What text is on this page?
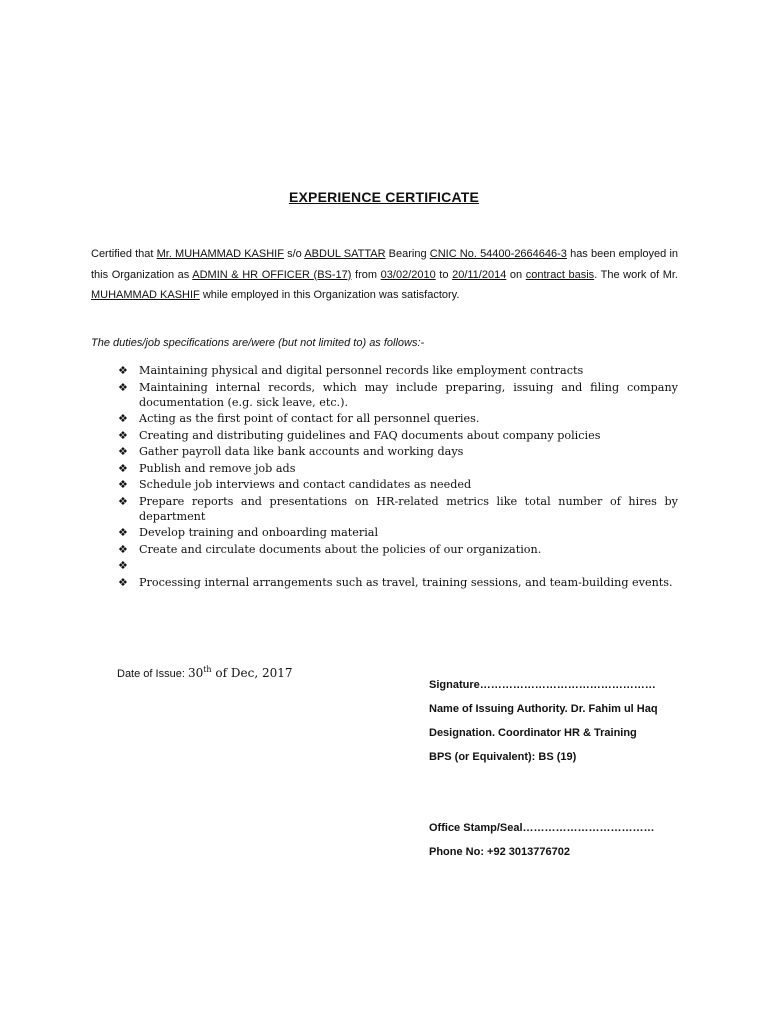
EXPERIENCE CERTIFICATE
Certified that Mr. MUHAMMAD KASHIF s/o ABDUL SATTAR Bearing CNIC No. 54400-2664646-3 has been employed in this Organization as ADMIN & HR OFFICER (BS-17) from 03/02/2010 to 20/11/2014 on contract basis. The work of Mr. MUHAMMAD KASHIF while employed in this Organization was satisfactory.
The duties/job specifications are/were (but not limited to) as follows:-
❖ Maintaining physical and digital personnel records like employment contracts
❖ Maintaining internal records, which may include preparing, issuing and filing company documentation (e.g. sick leave, etc.).
❖ Acting as the first point of contact for all personnel queries.
❖ Creating and distributing guidelines and FAQ documents about company policies
❖ Gather payroll data like bank accounts and working days
❖ Publish and remove job ads
❖ Schedule job interviews and contact candidates as needed
❖ Prepare reports and presentations on HR-related metrics like total number of hires by department
❖ Develop training and onboarding material
❖ Create and circulate documents about the policies of our organization.
❖
❖ Processing internal arrangements such as travel, training sessions, and team-building events.
Date of Issue: 30th of Dec, 2017
Signature…………………………………………
Name of Issuing Authority. Dr. Fahim ul Haq
Designation. Coordinator HR & Training
BPS (or Equivalent): BS (19)
Office Stamp/Seal………………………………
Phone No: +92 3013776702
